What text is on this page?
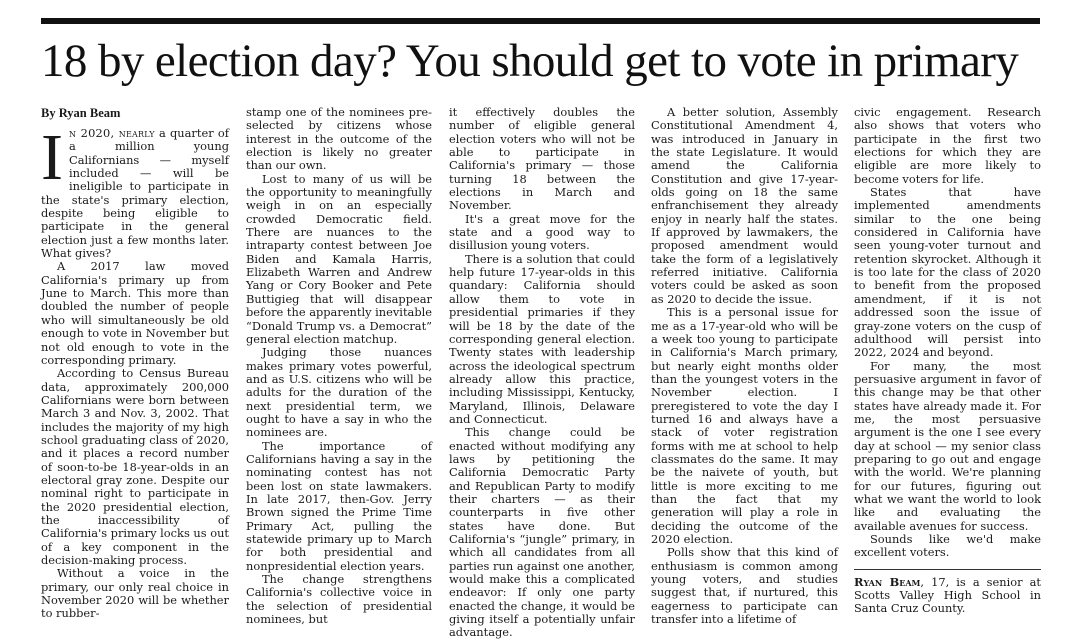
18 by election day? You should get to vote in primary
By Ryan Beam

In 2020, nearly a quarter of a million young Californians — myself included — will be ineligible to participate in the state's primary election, despite being eligible to participate in the general election just a few months later. What gives?

A 2017 law moved California's primary up from June to March. This more than doubled the number of people who will simultaneously be old enough to vote in November but not old enough to vote in the corresponding primary.

According to Census Bureau data, approximately 200,000 Californians were born between March 3 and Nov. 3, 2002. That includes the majority of my high school graduating class of 2020, and it places a record number of soon-to-be 18-year-olds in an electoral gray zone. Despite our nominal right to participate in the 2020 presidential election, the inaccessibility of California's primary locks us out of a key component in the decision-making process.

Without a voice in the primary, our only real choice in November 2020 will be whether to rubber-

stamp one of the nominees pre-selected by citizens whose interest in the outcome of the election is likely no greater than our own.

Lost to many of us will be the opportunity to meaningfully weigh in on an especially crowded Democratic field. There are nuances to the intraparty contest between Joe Biden and Kamala Harris, Elizabeth Warren and Andrew Yang or Cory Booker and Pete Buttigieg that will disappear before the apparently inevitable “Donald Trump vs. a Democrat” general election matchup.

Judging those nuances makes primary votes powerful, and as U.S. citizens who will be adults for the duration of the next presidential term, we ought to have a say in who the nominees are.

The importance of Californians having a say in the nominating contest has not been lost on state lawmakers. In late 2017, then-Gov. Jerry Brown signed the Prime Time Primary Act, pulling the statewide primary up to March for both presidential and nonpresidential election years.

The change strengthens California's collective voice in the selection of presidential nominees, but

it effectively doubles the number of eligible general election voters who will not be able to participate in California's primary — those turning 18 between the elections in March and November.

It's a great move for the state and a good way to disillusion young voters.

There is a solution that could help future 17-year-olds in this quandary: California should allow them to vote in presidential primaries if they will be 18 by the date of the corresponding general election. Twenty states with leadership across the ideological spectrum already allow this practice, including Mississippi, Kentucky, Maryland, Illinois, Delaware and Connecticut.

This change could be enacted without modifying any laws by petitioning the California Democratic Party and Republican Party to modify their charters — as their counterparts in five other states have done. But California's “jungle” primary, in which all candidates from all parties run against one another, would make this a complicated endeavor: If only one party enacted the change, it would be giving itself a potentially unfair advantage.

A better solution, Assembly Constitutional Amendment 4, was introduced in January in the state Legislature. It would amend the California Constitution and give 17-year-olds going on 18 the same enfranchisement they already enjoy in nearly half the states. If approved by lawmakers, the proposed amendment would take the form of a legislatively referred initiative. California voters could be asked as soon as 2020 to decide the issue.

This is a personal issue for me as a 17-year-old who will be a week too young to participate in California's March primary, but nearly eight months older than the youngest voters in the November election. I preregistered to vote the day I turned 16 and always have a stack of voter registration forms with me at school to help classmates do the same. It may be the naivete of youth, but little is more exciting to me than the fact that my generation will play a role in deciding the outcome of the 2020 election.

Polls show that this kind of enthusiasm is common among young voters, and studies suggest that, if nurtured, this eagerness to participate can transfer into a lifetime of

civic engagement. Research also shows that voters who participate in the first two elections for which they are eligible are more likely to become voters for life.

States that have implemented amendments similar to the one being considered in California have seen young-voter turnout and retention skyrocket. Although it is too late for the class of 2020 to benefit from the proposed amendment, if it is not addressed soon the issue of gray-zone voters on the cusp of adulthood will persist into 2022, 2024 and beyond.

For many, the most persuasive argument in favor of this change may be that other states have already made it. For me, the most persuasive argument is the one I see every day at school — my senior class preparing to go out and engage with the world. We're planning for our futures, figuring out what we want the world to look like and evaluating the available avenues for success.

Sounds like we'd make excellent voters.

Ryan Beam, 17, is a senior at Scotts Valley High School in Santa Cruz County.
